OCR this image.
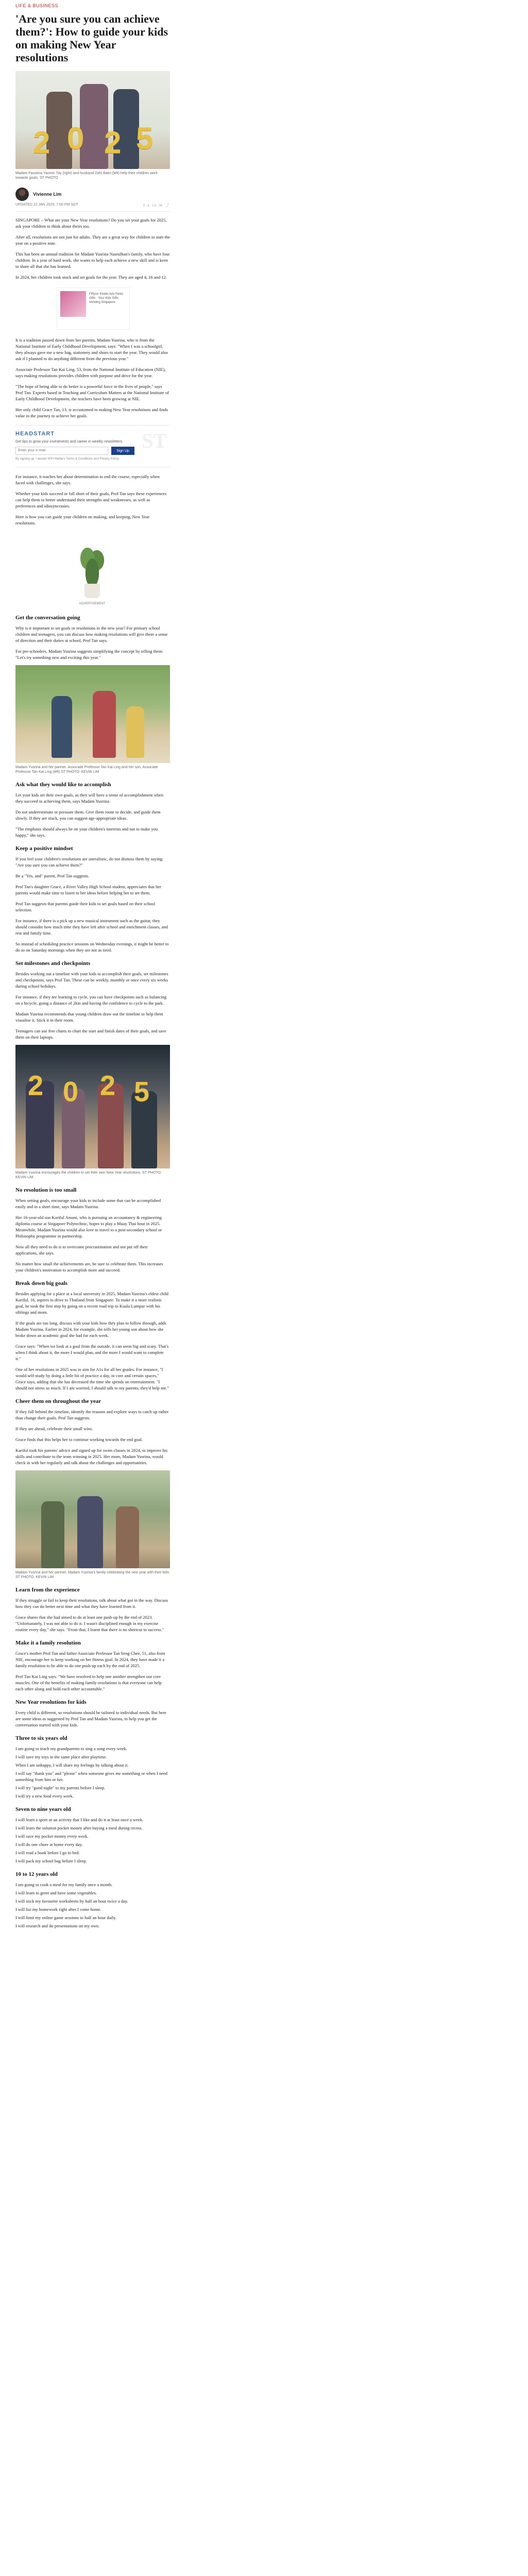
LIFE & BUSINESS
'Are you sure you can achieve them?': How to guide your kids on making New Year resolutions
2 0 2 5
Madam Faustina Yasmin Tay (right) and husband Zafri Bakri (left) help their children work towards goals. ST PHOTO
Vivienne Lim
UPDATED 22 JAN 2025, 7:00 PM SGT	f x in ✉ ⤴

SINGAPORE – What are your New Year resolutions? Do you set your goals for 2025, ask your children to think about theirs too.

After all, resolutions are not just for adults. They are a great way for children to start the year on a positive note.

This has been an annual tradition for Madam Yusrina Nasrulhan's family, who have four children. In a year of hard work, she wants to help each achieve a new skill and is keen to share all that she has learned.

In 2024, her children took stock and set goals for the year. They are aged 4, 16 and 12.

Fiftysic Kinder Ads Perks Gifts · Your Kids Gifts Vending Singapore

It is a tradition passed down from her parents, Madam Yusrina, who is from the National Institute of Early Childhood Development, says: "When I was a schoolgirl, they always gave me a new bag, stationery and shoes to start the year. They would also ask if I planned to do anything different from the previous year."

Associate Professor Tan Kai Ling, 53, from the National Institute of Education (NIE), says making resolutions provides children with purpose and drive for the year.

"The hope of being able to do better is a powerful force in the lives of people," says Prof Tan. Experts based in Teaching and Curriculum Matters at the National Institute of Early Childhood Development, the teachers have been growing at NIE.

Her only child Grace Tan, 13, is accustomed to making New Year resolutions and finds value in the journey to achieve her goals.

ST
HEADSTART
Get tips to grow your investments and career in weekly newsletters.
Enter your e-mail
Sign Up
By signing up, I accept SPH Media's Terms & Conditions and Privacy Policy.

For instance, it teaches her about determination to end the course, especially when faced with challenges, she says.

Whether your kids succeed or fall short of their goals, Prof Tan says these experiences can help them to better understand their strengths and weaknesses, as well as preferences and idiosyncrasies.

Here is how you can guide your children on making, and keeping, New Year resolutions.

ADVERTISEMENT
Get the conversation going

Why is it important to set goals or resolutions in the new year? For primary school children and teenagers, you can discuss how making resolutions will give them a sense of direction and their duties at school, Prof Tan says.

For pre-schoolers, Madam Yusrina suggests simplifying the concept by telling them: "Let's try something new and exciting this year."

Madam Yusrina and her partner, Associate Professor Tan Kai Ling and her son, Associate Professor Tan Kai Ling (left) ST PHOTO: KEVIN LIM
Ask what they would like to accomplish

Let your kids set their own goals, as they will have a sense of accomplishment when they succeed in achieving them, says Madam Yusrina.

Do not underestimate or pressure them. Give them room to decide, and guide them slowly. If they are stuck, you can suggest age-appropriate ideas.

"The emphasis should always be on your children's interests and not to make you happy," she says.

Keep a positive mindset

If you feel your children's resolutions are unrealistic, do not dismiss them by saying: "Are you sure you can achieve them?"

Be a "Yes, and" parent, Prof Tan suggests.

Prof Tan's daughter Grace, a River Valley High School student, appreciates that her parents would make time to listen to her ideas before helping her to set them.

Prof Tan suggests that parents guide their kids to set goals based on their school selection.

For instance, if there is a pick up a new musical instrument such as the guitar, they should consider how much time they have left after school and enrichment classes, and rest and family time.

So instead of scheduling practice sessions on Wednesday evenings, it might be better to do so on Saturday mornings when they are not as tired.

Set milestones and checkpoints

Besides working out a timeline with your kids to accomplish their goals, set milestones and checkpoints, says Prof Tan. These can be weekly, monthly or once every six weeks during school holidays.

For instance, if they are learning to cycle, you can have checkpoints such as balancing on a bicycle, going a distance of 2km and having the confidence to cycle to the park.

Madam Yusrina recommends that young children draw out the timeline to help them visualise it. Stick it in their room.

Teenagers can use free charts to chart the start and finish dates of their goals, and save them on their laptops.

2 0 2 5
Madam Yusrina encourages the children to set their own New Year resolutions. ST PHOTO: KEVIN LIM
No resolution is too small

When setting goals, encourage your kids to include some that can be accomplished easily and in a short time, says Madam Yusrina.

Her 16-year-old son Kariful Amani, who is pursuing an accountancy & engineering diploma course at Singapore Polytechnic, hopes to play a Muay Thai bout in 2025. Meanwhile, Madam Yusrina would also love to travel to a post-secondary school or Philosophy programme in partnership.

Now all they need to do is to overcome procrastination and not put off their applications, she says.

No matter how small the achievements are, be sure to celebrate them. This increases your children's motivation to accomplish more and succeed.

Break down big goals

Besides applying for a place at a local university in 2025, Madam Yusrina's eldest child Kariful, 16, aspires to drive to Thailand from Singapore. To make it a more realistic goal, he took the first step by going on a recent road trip to Kuala Lumpur with his siblings and mom.

If the goals are too long, discuss with your kids how they plan to follow through, adds Madam Yusrina. Earlier in 2024, for example, she tells her young son about how she broke down an academic goal she had for each week.

Grace says: "When we look at a goal from the outside, it can seem big and scary. That's when I think about it, the more I would plan, and the more I would want to complete it."

One of her resolutions in 2025 was to aim for A1s for all her grades. For instance, "I would self-study by doing a little bit of practice a day, in core and certain spaces," Grace says, adding that she has decreased the time she spends on entertainment. "I should not stress so much. If I am worried, I should talk to my parents, they'd help me."

Cheer them on throughout the year

If they fall behind the timeline, identify the reasons and explore ways to catch up rather than change their goals, Prof Tan suggests.

If they are ahead, celebrate their small wins.

Grace finds that this helps her to continue working towards the end goal.

Kariful took his parents' advice and signed up for swim classes in 2024, to improve his skills and contribute to the team winning in 2025. Her mom, Madam Yusrina, would check in with her regularly and talk about the challenges and opportunities.

Madam Yusrina and her partner, Madam Yusrina's family celebrating the new year with their kids. ST PHOTO: KEVIN LIM
Learn from the experience

If they struggle or fail to keep their resolutions, talk about what got in the way. Discuss how they can do better next time and what they have learned from it.

Grace shares that she had aimed to do at least one push-up by the end of 2023. "Unfortunately, I was not able to do it. I wasn't disciplined enough in my exercise routine every day," she says. "From that, I learnt that there is no shortcut to success."

Make it a family resolution

Grace's mother Prof Tan and father Associate Professor Tan Seng Chee, 51, also from NIE, encourage her to keep working on her fitness goal. In 2024, they have made it a family resolution to be able to do one push-up each by the end of 2025.

Prof Tan Kai Ling says: "We have resolved to help one another strengthen our core muscles. One of the benefits of making family resolutions is that everyone can help each other along and hold each other accountable."

New Year resolutions for kids

Every child is different, so resolutions should be tailored to individual needs. But here are some ideas as suggested by Prof Tan and Madam Yusrina, to help you get the conversation started with your kids.

Three to six years old

I am going to teach my grandparents to sing a song every week.

I will save my toys in the same place after playtime.

When I am unhappy, I will share my feelings by talking about it.

I will say "thank you" and "please" when someone gives me something or when I need something from him or her.

I will try "good night" to my parents before I sleep.

I will try a new food every week.

Seven to nine years old

I will learn a sport or an activity that I like and do it at least once a week.

I will learn the solution pocket money after buying a meal during recess.

I will save my pocket money every week.

I will do one chore at home every day.

I will read a book before I go to bed.

I will pack my school bag before I sleep.

10 to 12 years old

I am going to cook a meal for my family once a month.

I will learn to greet and have some vegetables.

I will stick my favourite worksheets by half an hour twice a day.

I will list my homework right after I come home.

I will limit my online game sessions to half an hour daily.

I will research and do presentations on my own.
